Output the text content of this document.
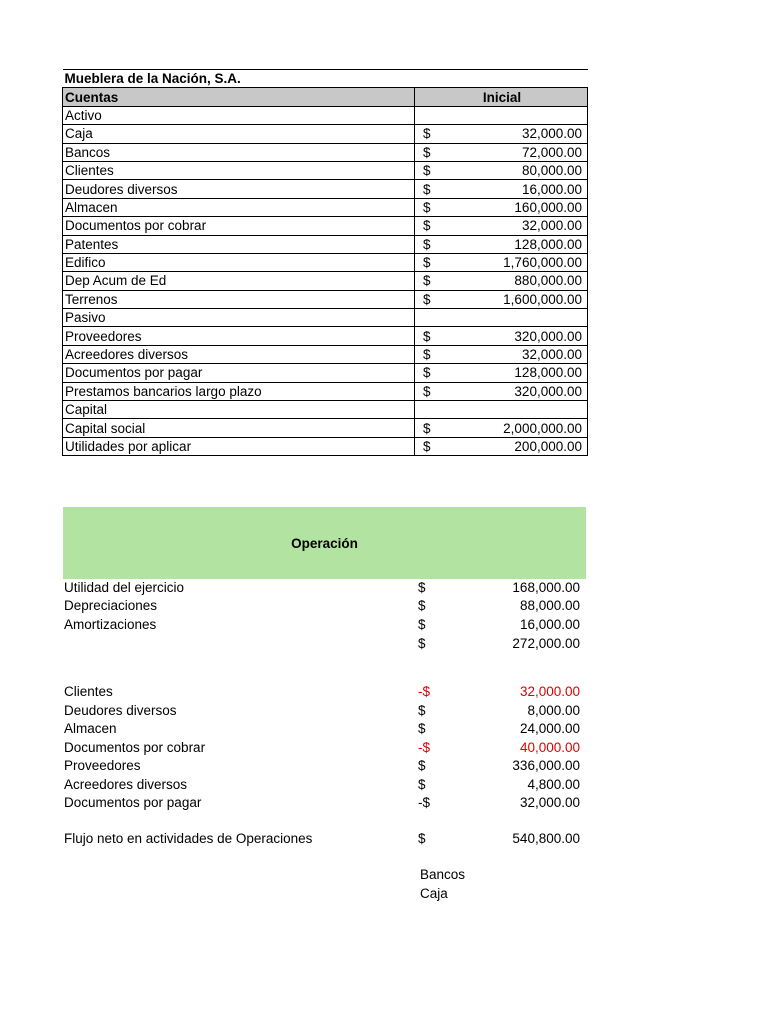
Mueblera de la Nación, S.A.	
Cuentas	Inicial
Activo	

Caja	$ 32,000.00

Bancos	$ 72,000.00

Clientes	$ 80,000.00

Deudores diversos	$ 16,000.00

Almacen	$ 160,000.00

Documentos por cobrar	$ 32,000.00

Patentes	$ 128,000.00

Edifico	$ 1,760,000.00

Dep Acum de Ed	$ 880,000.00

Terrenos	$ 1,600,000.00

Pasivo	

Proveedores	$ 320,000.00

Acreedores diversos	$ 32,000.00

Documentos por pagar	$ 128,000.00

Prestamos bancarios largo plazo	$ 320,000.00

Capital	

Capital social	$ 2,000,000.00

Utilidades por aplicar	$ 200,000.00
Operación
Utilidad del ejercicio	$	168,000.00
Depreciaciones	$	88,000.00
Amortizaciones	$	16,000.00
$	272,000.00
Clientes	-$	32,000.00
Deudores diversos	$	8,000.00
Almacen	$	24,000.00
Documentos por cobrar	-$	40,000.00
Proveedores	$	336,000.00
Acreedores diversos	$	4,800.00
Documentos por pagar	-$	32,000.00
Flujo neto en actividades de Operaciones	$	540,800.00
Bancos
Caja
